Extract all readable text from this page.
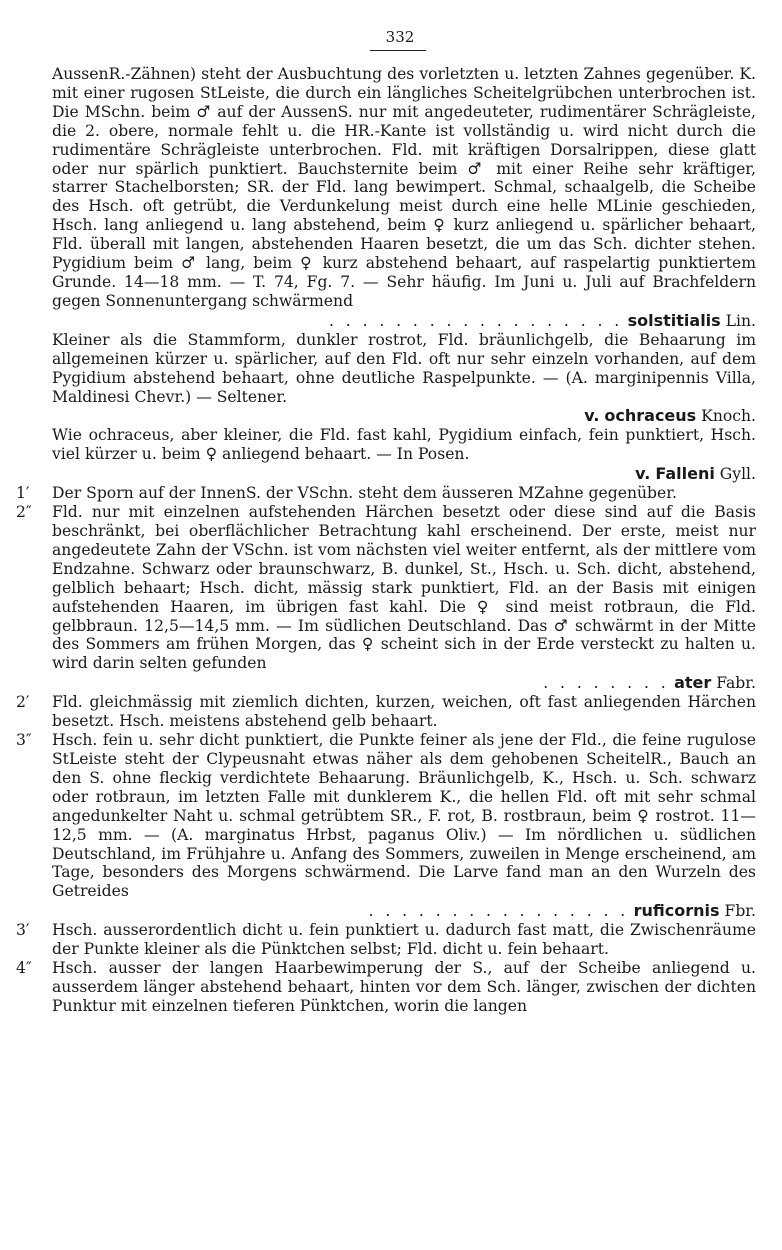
332

AussenR.-Zähnen) steht der Ausbuchtung des vorletzten u. letzten Zahnes gegenüber. K. mit einer rugosen StLeiste, die durch ein längliches Scheitelgrübchen unterbrochen ist. Die MSchn. beim ♂ auf der AussenS. nur mit angedeuteter, rudimentärer Schrägleiste, die 2. obere, normale fehlt u. die HR.-Kante ist vollständig u. wird nicht durch die rudimentäre Schrägleiste unterbrochen. Fld. mit kräftigen Dorsalrippen, diese glatt oder nur spärlich punktiert. Bauchsternite beim ♂ mit einer Reihe sehr kräftiger, starrer Stachelborsten; SR. der Fld. lang bewimpert. Schmal, schaalgelb, die Scheibe des Hsch. oft getrübt, die Verdunkelung meist durch eine helle MLinie geschieden, Hsch. lang anliegend u. lang abstehend, beim ♀ kurz anliegend u. spärlicher behaart, Fld. überall mit langen, abstehenden Haaren besetzt, die um das Sch. dichter stehen. Pygidium beim ♂ lang, beim ♀ kurz abstehend behaart, auf raspelartig punktiertem Grunde. 14—18 mm. — T. 74, Fg. 7. — Sehr häufig. Im Juni u. Juli auf Brachfeldern gegen Sonnenuntergang schwärmend

. . . . . . . . . . . . . . . . . . solstitialis Lin.

Kleiner als die Stammform, dunkler rostrot, Fld. bräunlichgelb, die Behaarung im allgemeinen kürzer u. spärlicher, auf den Fld. oft nur sehr einzeln vorhanden, auf dem Pygidium abstehend behaart, ohne deutliche Raspelpunkte. — (A. marginipennis Villa, Maldinesi Chevr.) — Seltener.

v. ochraceus Knoch.

Wie ochraceus, aber kleiner, die Fld. fast kahl, Pygidium einfach, fein punktiert, Hsch. viel kürzer u. beim ♀ anliegend behaart. — In Posen.

v. Falleni Gyll.
1′ Der Sporn auf der InnenS. der VSchn. steht dem äusseren MZahne gegenüber.

2″ Fld. nur mit einzelnen aufstehenden Härchen besetzt oder diese sind auf die Basis beschränkt, bei oberflächlicher Betrachtung kahl erscheinend. Der erste, meist nur angedeutete Zahn der VSchn. ist vom nächsten viel weiter entfernt, als der mittlere vom Endzahne. Schwarz oder braunschwarz, B. dunkel, St., Hsch. u. Sch. dicht, abstehend, gelblich behaart; Hsch. dicht, mässig stark punktiert, Fld. an der Basis mit einigen aufstehenden Haaren, im übrigen fast kahl. Die ♀ sind meist rotbraun, die Fld. gelbbraun. 12,5—14,5 mm. — Im südlichen Deutschland. Das ♂ schwärmt in der Mitte des Sommers am frühen Morgen, das ♀ scheint sich in der Erde versteckt zu halten u. wird darin selten gefunden

. . . . . . . . ater Fabr.
2′ Fld. gleichmässig mit ziemlich dichten, kurzen, weichen, oft fast anliegenden Härchen besetzt. Hsch. meistens abstehend gelb behaart.

3″ Hsch. fein u. sehr dicht punktiert, die Punkte feiner als jene der Fld., die feine rugulose StLeiste steht der Clypeusnaht etwas näher als dem gehobenen ScheitelR., Bauch an den S. ohne fleckig verdichtete Behaarung. Bräunlichgelb, K., Hsch. u. Sch. schwarz oder rotbraun, im letzten Falle mit dunklerem K., die hellen Fld. oft mit sehr schmal angedunkelter Naht u. schmal getrübtem SR., F. rot, B. rostbraun, beim ♀ rostrot. 11—12,5 mm. — (A. marginatus Hrbst, paganus Oliv.) — Im nördlichen u. südlichen Deutschland, im Frühjahre u. Anfang des Sommers, zuweilen in Menge erscheinend, am Tage, besonders des Morgens schwärmend. Die Larve fand man an den Wurzeln des Getreides

. . . . . . . . . . . . . . . . ruficornis Fbr.
3′ Hsch. ausserordentlich dicht u. fein punktiert u. dadurch fast matt, die Zwischenräume der Punkte kleiner als die Pünktchen selbst; Fld. dicht u. fein behaart.

4″ Hsch. ausser der langen Haarbewimperung der S., auf der Scheibe anliegend u. ausserdem länger abstehend behaart, hinten vor dem Sch. länger, zwischen der dichten Punktur mit einzelnen tieferen Pünktchen, worin die langen
